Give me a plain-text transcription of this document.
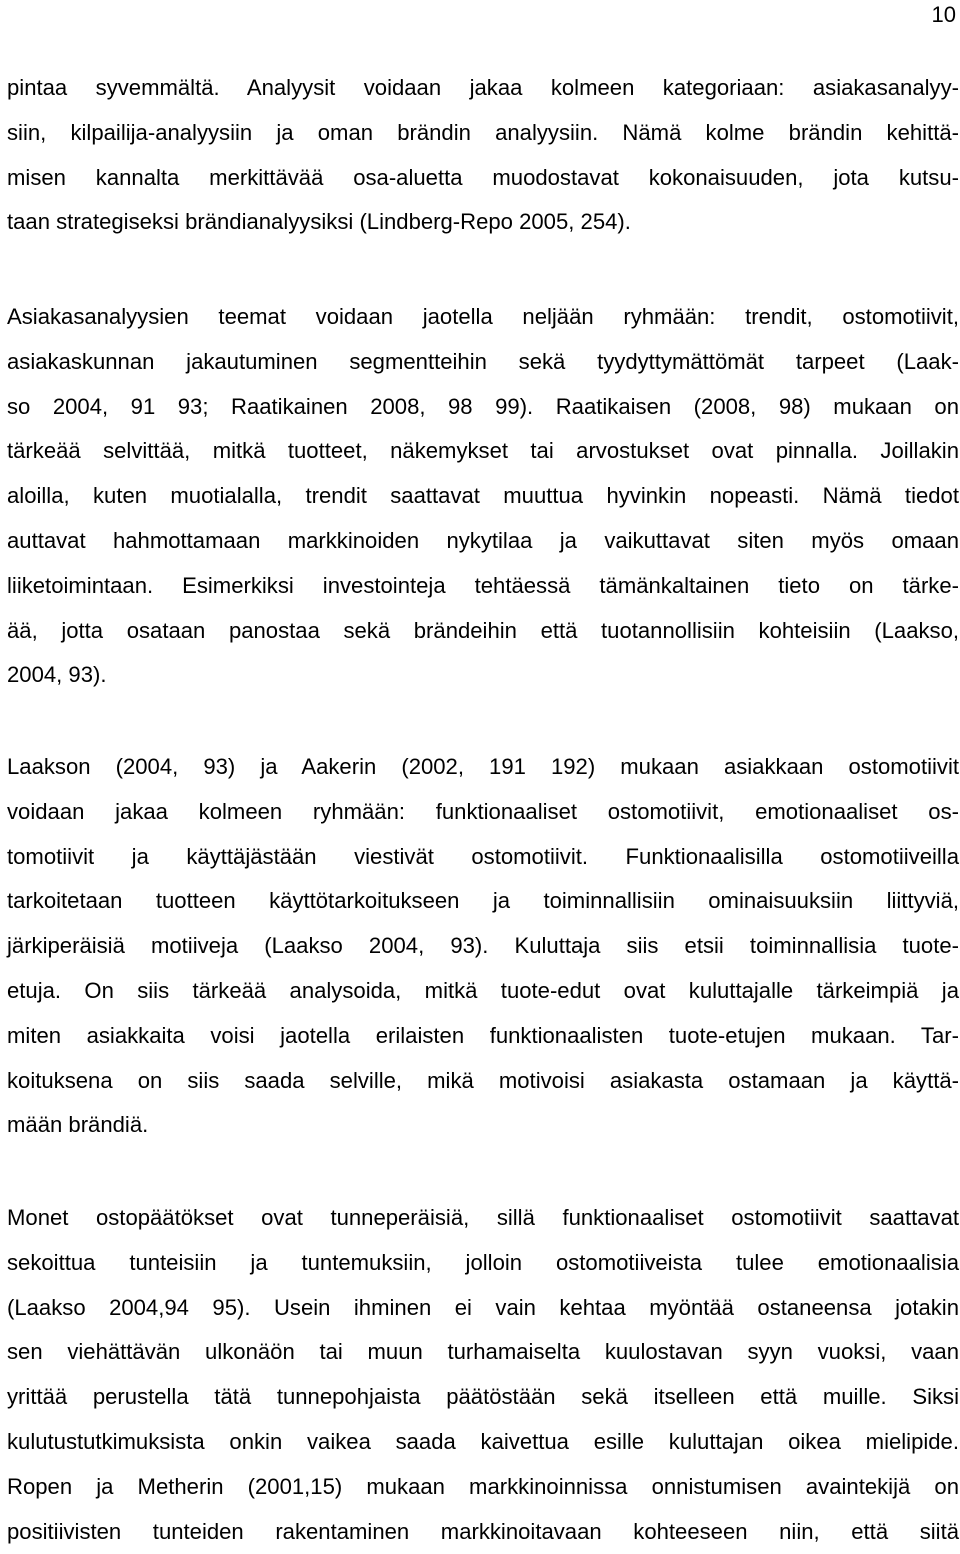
10
pintaa syvemmältä. Analyysit voidaan jakaa kolmeen kategoriaan: asiakasanalyy-
siin, kilpailija-analyysiin ja oman brändin analyysiin. Nämä kolme brändin kehittä-
misen kannalta merkittävää osa-aluetta muodostavat kokonaisuuden, jota kutsu-
taan strategiseksi brändianalyysiksi (Lindberg-Repo 2005, 254).
Asiakasanalyysien teemat voidaan jaotella neljään ryhmään: trendit, ostomotiivit,
asiakaskunnan jakautuminen segmentteihin sekä tyydyttymättömät tarpeet (Laak-
so 2004, 91 93; Raatikainen 2008, 98 99). Raatikaisen (2008, 98) mukaan on
tärkeää selvittää, mitkä tuotteet, näkemykset tai arvostukset ovat pinnalla. Joillakin
aloilla, kuten muotialalla, trendit saattavat muuttua hyvinkin nopeasti. Nämä tiedot
auttavat hahmottamaan markkinoiden nykytilaa ja vaikuttavat siten myös omaan
liiketoimintaan. Esimerkiksi investointeja tehtäessä tämänkaltainen tieto on tärke-
ää, jotta osataan panostaa sekä brändeihin että tuotannollisiin kohteisiin (Laakso,
2004, 93).
Laakson (2004, 93) ja Aakerin (2002, 191 192) mukaan asiakkaan ostomotiivit
voidaan jakaa kolmeen ryhmään: funktionaaliset ostomotiivit, emotionaaliset os-
tomotiivit ja käyttäjästään viestivät ostomotiivit. Funktionaalisilla ostomotiiveilla
tarkoitetaan tuotteen käyttötarkoitukseen ja toiminnallisiin ominaisuuksiin liittyviä,
järkiperäisiä motiiveja (Laakso 2004, 93). Kuluttaja siis etsii toiminnallisia tuote-
etuja. On siis tärkeää analysoida, mitkä tuote-edut ovat kuluttajalle tärkeimpiä ja
miten asiakkaita voisi jaotella erilaisten funktionaalisten tuote-etujen mukaan. Tar-
koituksena on siis saada selville, mikä motivoisi asiakasta ostamaan ja käyttä-
mään brändiä.
Monet ostopäätökset ovat tunneperäisiä, sillä funktionaaliset ostomotiivit saattavat
sekoittua tunteisiin ja tuntemuksiin, jolloin ostomotiiveista tulee emotionaalisia
(Laakso 2004,94 95). Usein ihminen ei vain kehtaa myöntää ostaneensa jotakin
sen viehättävän ulkonäön tai muun turhamaiselta kuulostavan syyn vuoksi, vaan
yrittää perustella tätä tunnepohjaista päätöstään sekä itselleen että muille. Siksi
kulutustutkimuksista onkin vaikea saada kaivettua esille kuluttajan oikea mielipide.
Ropen ja Metherin (2001,15) mukaan markkinoinnissa onnistumisen avaintekijä on
positiivisten tunteiden rakentaminen markkinoitavaan kohteeseen niin, että siitä
